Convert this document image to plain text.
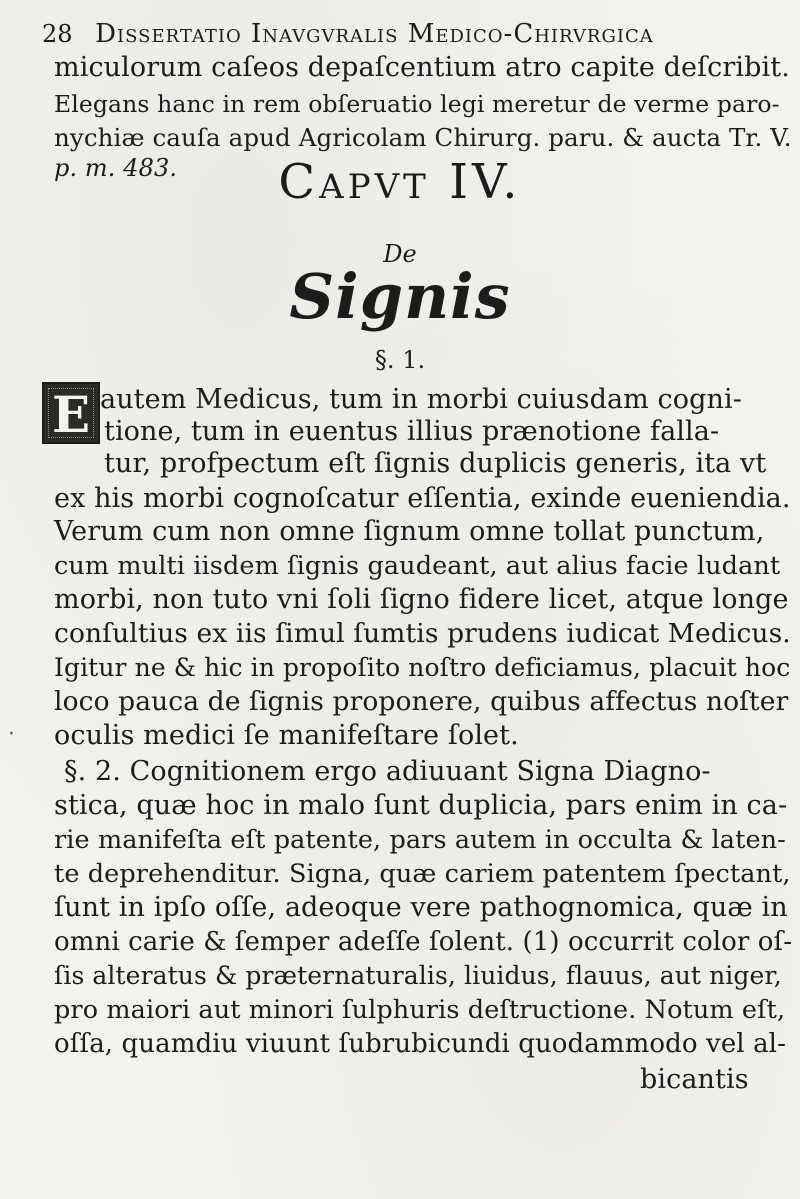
28 Dissertatio Inavgvralis Medico-Chirvrgica
miculorum caſeos depaſcentium atro capite deſcribit.
Elegans hanc in rem obſeruatio legi meretur de verme paro-
nychiæ cauſa apud Agricolam Chirurg. paru. & aucta Tr. V.
p. m. 483.	Capvt IV.
De
Signis
§. 1.
E autem Medicus, tum in morbi cuiusdam cogni-
tione, tum in euentus illius prænotione falla-
tur, profpectum eſt ſignis duplicis generis, ita vt
ex his morbi cognoſcatur eſſentia, exinde eueniendia.
Verum cum non omne ſignum omne tollat punctum,
cum multi iisdem ſignis gaudeant, aut alius facie ludant
morbi, non tuto vni ſoli ſigno fidere licet, atque longe
conſultius ex iis ſimul ſumtis prudens iudicat Medicus.
Igitur ne & hic in propoſito noſtro deficiamus, placuit hoc
loco pauca de ſignis proponere, quibus affectus noſter
oculis medici ſe manifeſtare ſolet.
§. 2. Cognitionem ergo adiuuant Signa Diagno-
stica, quæ hoc in malo ſunt duplicia, pars enim in ca-
rie manifeſta eſt patente, pars autem in occulta & laten-
te deprehenditur. Signa, quæ cariem patentem ſpectant,
ſunt in ipſo oſſe, adeoque vere pathognomica, quæ in
omni carie & ſemper adeſſe ſolent. (1) occurrit color oſ-
ſis alteratus & præternaturalis, liuidus, flauus, aut niger,
pro maiori aut minori ſulphuris deſtructione. Notum eſt,
oſſa, quamdiu viuunt ſubrubicundi quodammodo vel al-
bicantis
·
